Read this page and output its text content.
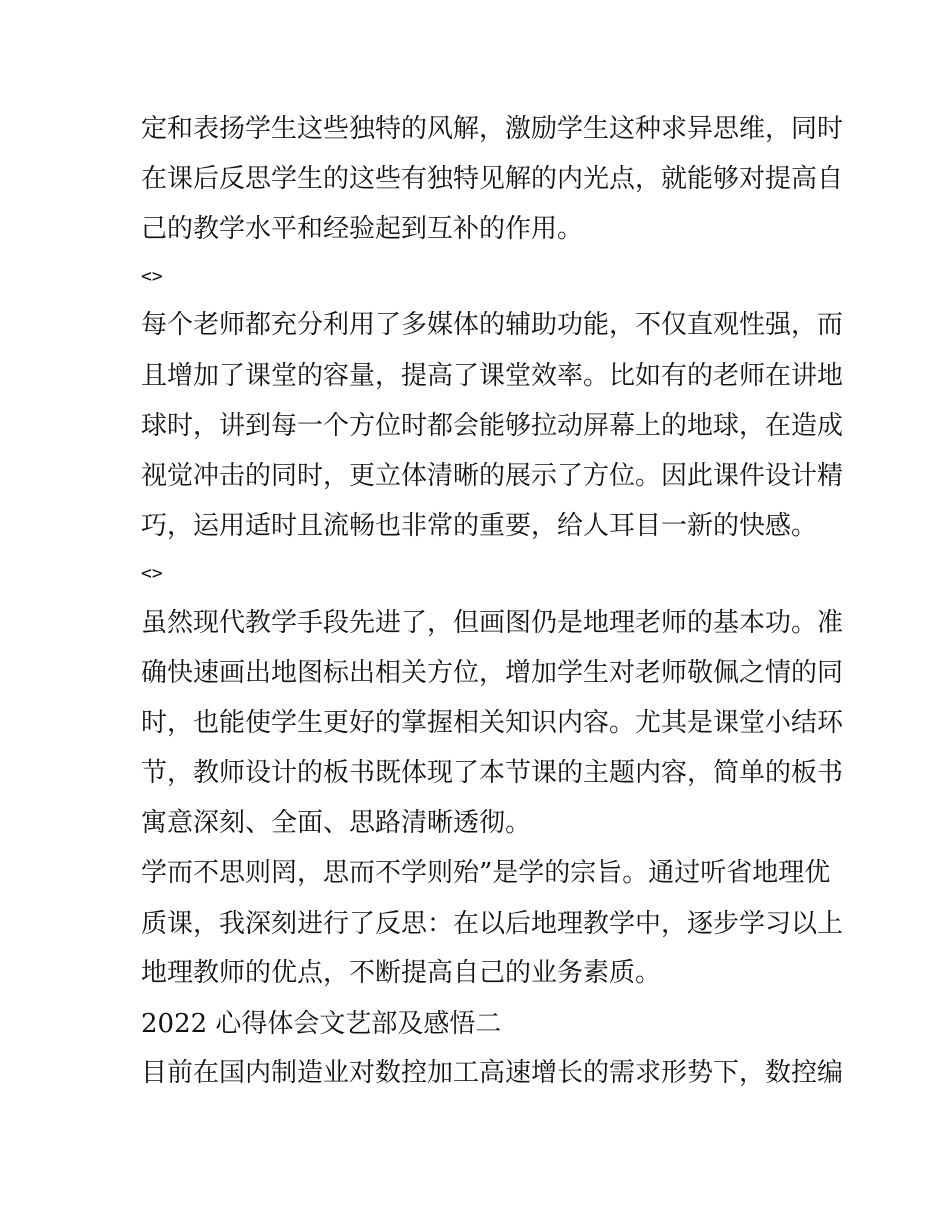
定和表扬学生这些独特的风解，激励学生这种求异思维，同时
在课后反思学生的这些有独特见解的内光点，就能够对提高自
己的教学水平和经验起到互补的作用。
<>
每个老师都充分利用了多媒体的辅助功能，不仅直观性强，而
且增加了课堂的容量，提高了课堂效率。比如有的老师在讲地
球时，讲到每一个方位时都会能够拉动屏幕上的地球，在造成
视觉冲击的同时，更立体清晰的展示了方位。因此课件设计精
巧，运用适时且流畅也非常的重要，给人耳目一新的快感。
<>
虽然现代教学手段先进了，但画图仍是地理老师的基本功。准
确快速画出地图标出相关方位，增加学生对老师敬佩之情的同
时，也能使学生更好的掌握相关知识内容。尤其是课堂小结环
节，教师设计的板书既体现了本节课的主题内容，简单的板书
寓意深刻、全面、思路清晰透彻。
学而不思则罔，思而不学则殆”是学的宗旨。通过听省地理优
质课，我深刻进行了反思：在以后地理教学中，逐步学习以上
地理教师的优点，不断提高自己的业务素质。
2022 心得体会文艺部及感悟二
目前在国内制造业对数控加工高速增长的需求形势下，数控编
